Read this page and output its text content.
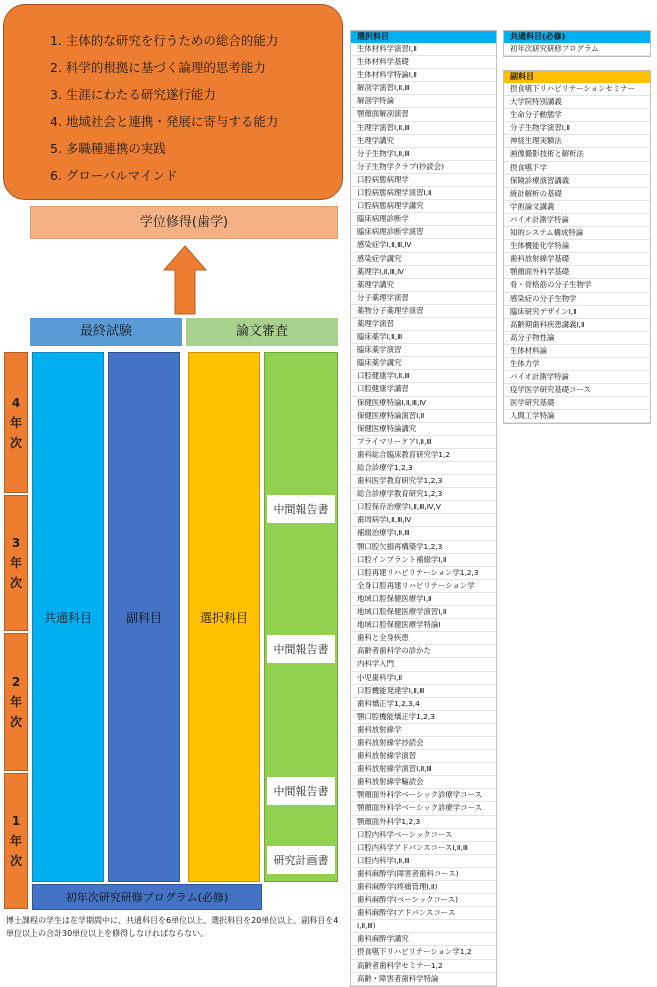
1. 主体的な研究を行うための総合的能力
2. 科学的根拠に基づく論理的思考能力
3. 生涯にわたる研究遂行能力
4. 地域社会と連携・発展に寄与する能力
5. 多職種連携の実践
6. グローバルマインド
学位修得(歯学)
最終試験	論文審査
4
年
次
3
年
次
2
年
次
1
年
次
共通科目	副科目	選択科目
中間報告書
中間報告書
中間報告書
研究計画書
初年次研究研修プログラム(必修)
博士課程の学生は在学期間中に、共通科目を6単位以上、選択科目を20単位以上、副科目を4単位以上の合計30単位以上を修得しなければならない。
選択科目
生体材料学演習Ⅰ,Ⅱ
生体材料学基礎
生体材料学特論Ⅰ,Ⅱ
解剖学演習Ⅰ,Ⅱ,Ⅲ
解剖学特論
顎顔面解剖演習
生理学演習Ⅰ,Ⅱ,Ⅲ
生理学講究
分子生物学Ⅰ,Ⅱ,Ⅲ
分子生物学クラブ(抄読会)
口腔病態病理学
口腔病態病理学演習Ⅰ,Ⅱ
口腔病態病理学講究
臨床病理診断学
臨床病理診断学演習
感染症学Ⅰ,Ⅱ,Ⅲ,Ⅳ
感染症学講究
薬理学Ⅰ,Ⅱ,Ⅲ,Ⅳ
薬理学講究
分子薬理学演習
薬物分子薬理学演習
薬理学演習
臨床薬学Ⅰ,Ⅱ,Ⅲ
臨床薬学演習
臨床薬学講究
口腔健康学Ⅰ,Ⅱ,Ⅲ
口腔健康学講習
保健医療特論Ⅰ,Ⅱ,Ⅲ,Ⅳ
保健医療特論演習Ⅰ,Ⅱ
保健医療特論講究
プライマリーケアⅠ,Ⅱ,Ⅲ
歯科総合臨床教育研究学1,2
総合診療学1,2,3
歯科医学教育研究学1,2,3
総合診療学教育研究1,2,3
口腔保存治療学Ⅰ,Ⅱ,Ⅲ,Ⅳ,Ⅴ
歯周病学Ⅰ,Ⅱ,Ⅲ,Ⅳ
補綴治療学Ⅰ,Ⅱ,Ⅲ
顎口腔欠損再構築学1,2,3
口腔インプラント補綴学Ⅰ,Ⅱ
口腔再建リハビリテーション学1,2,3
全身口腔再建リハビリテーション学
地域口腔保健医療学Ⅰ,Ⅱ
地域口腔保健医療学演習Ⅰ,Ⅱ
地域口腔保健医療学特論Ⅰ
歯科と全身疾患
高齢者歯科学の診かた
内科学入門
小児歯科学Ⅰ,Ⅱ
口腔機能発達学Ⅰ,Ⅱ,Ⅲ
歯科矯正学1,2,3,4
顎口腔機能矯正学1,2,3
歯科放射線学
歯科放射線学抄読会
歯科放射線学演習
歯科放射線学演習Ⅰ,Ⅱ,Ⅲ
歯科放射線学輪読会
顎顔面外科学ベーシック診療学コース
顎顔面外科学ベーシック診療学コース
顎顔面外科学1,2,3
口腔内科学ベーシックコース
口腔内科学アドバンスコースⅠ,Ⅱ,Ⅲ
口腔内科学Ⅰ,Ⅱ,Ⅲ
歯科麻酔学(障害者歯科コース)
歯科麻酔学(疼痛管理Ⅰ,Ⅱ)
歯科麻酔学(ベーシックコース)
歯科麻酔学(アドバンスコース
Ⅰ,Ⅱ,Ⅲ)
歯科麻酔学講究
摂食嚥下リハビリテーション学1,2
高齢者歯科学セミナー1,2
高齢・障害者歯科学特論
共通科目(必修)
初年次研究研修プログラム
副科目
摂食嚥下リハビリテーションセミナー
大学院特別講義
生命分子動態学
分子生物学演習Ⅰ,Ⅱ
神経生理実験法
画像撮影技術と解析法
摂食嚥下学
保険診療演習講義
統計解析の基礎
学術論文講義
バイオ計測学特論
知的システム構成特論
生体機能化学特論
歯科放射線学基礎
顎顔面外科学基礎
骨・骨格筋の分子生物学
感染症の分子生物学
臨床研究デザインⅠ,Ⅱ
高齢期歯科疾患講義Ⅰ,Ⅱ
高分子物性論
生体材料論
生体力学
バイオ計測学特論
疫学医学研究基礎コース
医学研究基礎
人間工学特論
